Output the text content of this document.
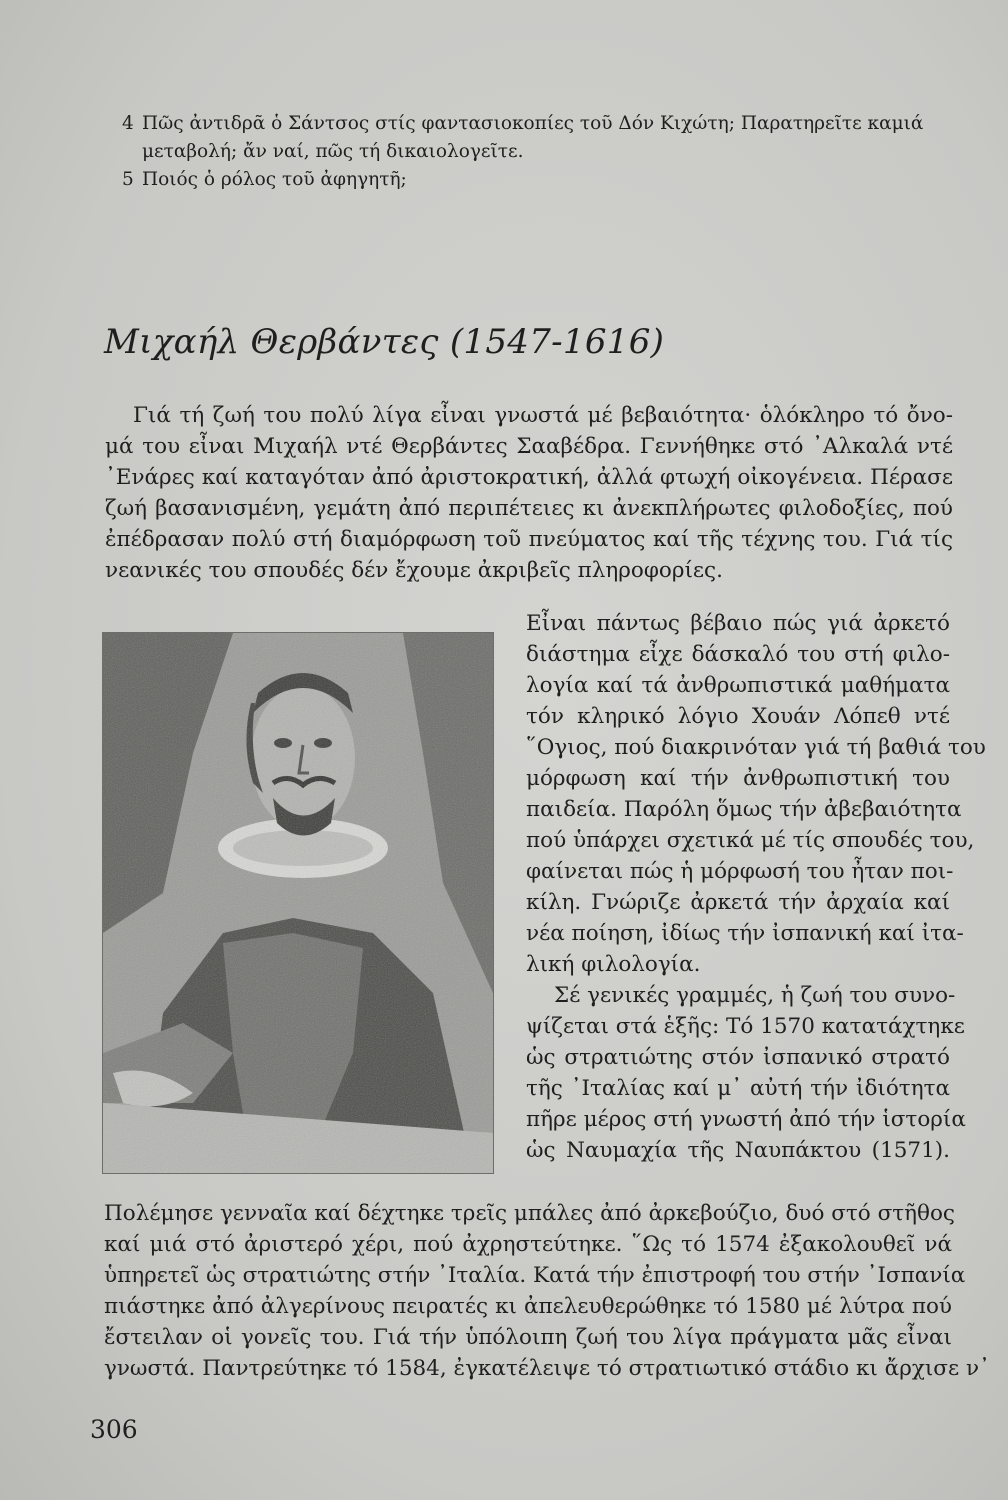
4 Πῶς ἀντιδρᾶ ὁ Σάντσος στίς φαντασιοκοπίες τοῦ Δόν Κιχώτη; Παρατηρεῖτε καμιά
μεταβολή; ἄν ναί, πῶς τή δικαιολογεῖτε.

5 Ποιός ὁ ρόλος τοῦ ἀφηγητῆ;

Μιχαήλ Θερβάντες (1547-1616)
Γιά τή ζωή του πολύ λίγα εἶναι γνωστά μέ βεβαιότητα· ὁλόκληρο τό ὄνο-
μά του εἶναι Μιχαήλ ντέ Θερβάντες Σααβέδρα. Γεννήθηκε στό ᾿Αλκαλά ντέ
᾿Ενάρες καί καταγόταν ἀπό ἀριστοκρατική, ἀλλά φτωχή οἰκογένεια. Πέρασε
ζωή βασανισμένη, γεμάτη ἀπό περιπέτειες κι ἀνεκπλήρωτες φιλοδοξίες, πού
ἐπέδρασαν πολύ στή διαμόρφωση τοῦ πνεύματος καί τῆς τέχνης του. Γιά τίς
νεανικές του σπουδές δέν ἔχουμε ἀκριβεῖς πληροφορίες.
Εἶναι πάντως βέβαιο πώς γιά ἀρκετό
διάστημα εἶχε δάσκαλό του στή φιλο-
λογία καί τά ἀνθρωπιστικά μαθήματα
τόν κληρικό λόγιο Χουάν Λόπεθ ντέ
῞Ογιος, πού διακρινόταν γιά τή βαθιά του
μόρφωση καί τήν ἀνθρωπιστική του
παιδεία. Παρόλη ὅμως τήν ἀβεβαιότητα
πού ὑπάρχει σχετικά μέ τίς σπουδές του,
φαίνεται πώς ἡ μόρφωσή του ἦταν ποι-
κίλη. Γνώριζε ἀρκετά τήν ἀρχαία καί
νέα ποίηση, ἰδίως τήν ἰσπανική καί ἰτα-
λική φιλολογία.
Σέ γενικές γραμμές, ἡ ζωή του συνο-
ψίζεται στά ἑξῆς: Τό 1570 κατατάχτηκε
ὡς στρατιώτης στόν ἰσπανικό στρατό
τῆς ᾿Ιταλίας καί μ᾿ αὐτή τήν ἰδιότητα
πῆρε μέρος στή γνωστή ἀπό τήν ἱστορία
ὡς Ναυμαχία τῆς Ναυπάκτου (1571).
Πολέμησε γενναῖα καί δέχτηκε τρεῖς μπάλες ἀπό ἀρκεβούζιο, δυό στό στῆθος
καί μιά στό ἀριστερό χέρι, πού ἀχρηστεύτηκε. ῞Ως τό 1574 ἐξακολουθεῖ νά
ὑπηρετεῖ ὡς στρατιώτης στήν ᾿Ιταλία. Κατά τήν ἐπιστροφή του στήν ᾿Ισπανία
πιάστηκε ἀπό ἀλγερίνους πειρατές κι ἀπελευθερώθηκε τό 1580 μέ λύτρα πού
ἔστειλαν οἱ γονεῖς του. Γιά τήν ὑπόλοιπη ζωή του λίγα πράγματα μᾶς εἶναι
γνωστά. Παντρεύτηκε τό 1584, ἐγκατέλειψε τό στρατιωτικό στάδιο κι ἄρχισε ν᾿
306
